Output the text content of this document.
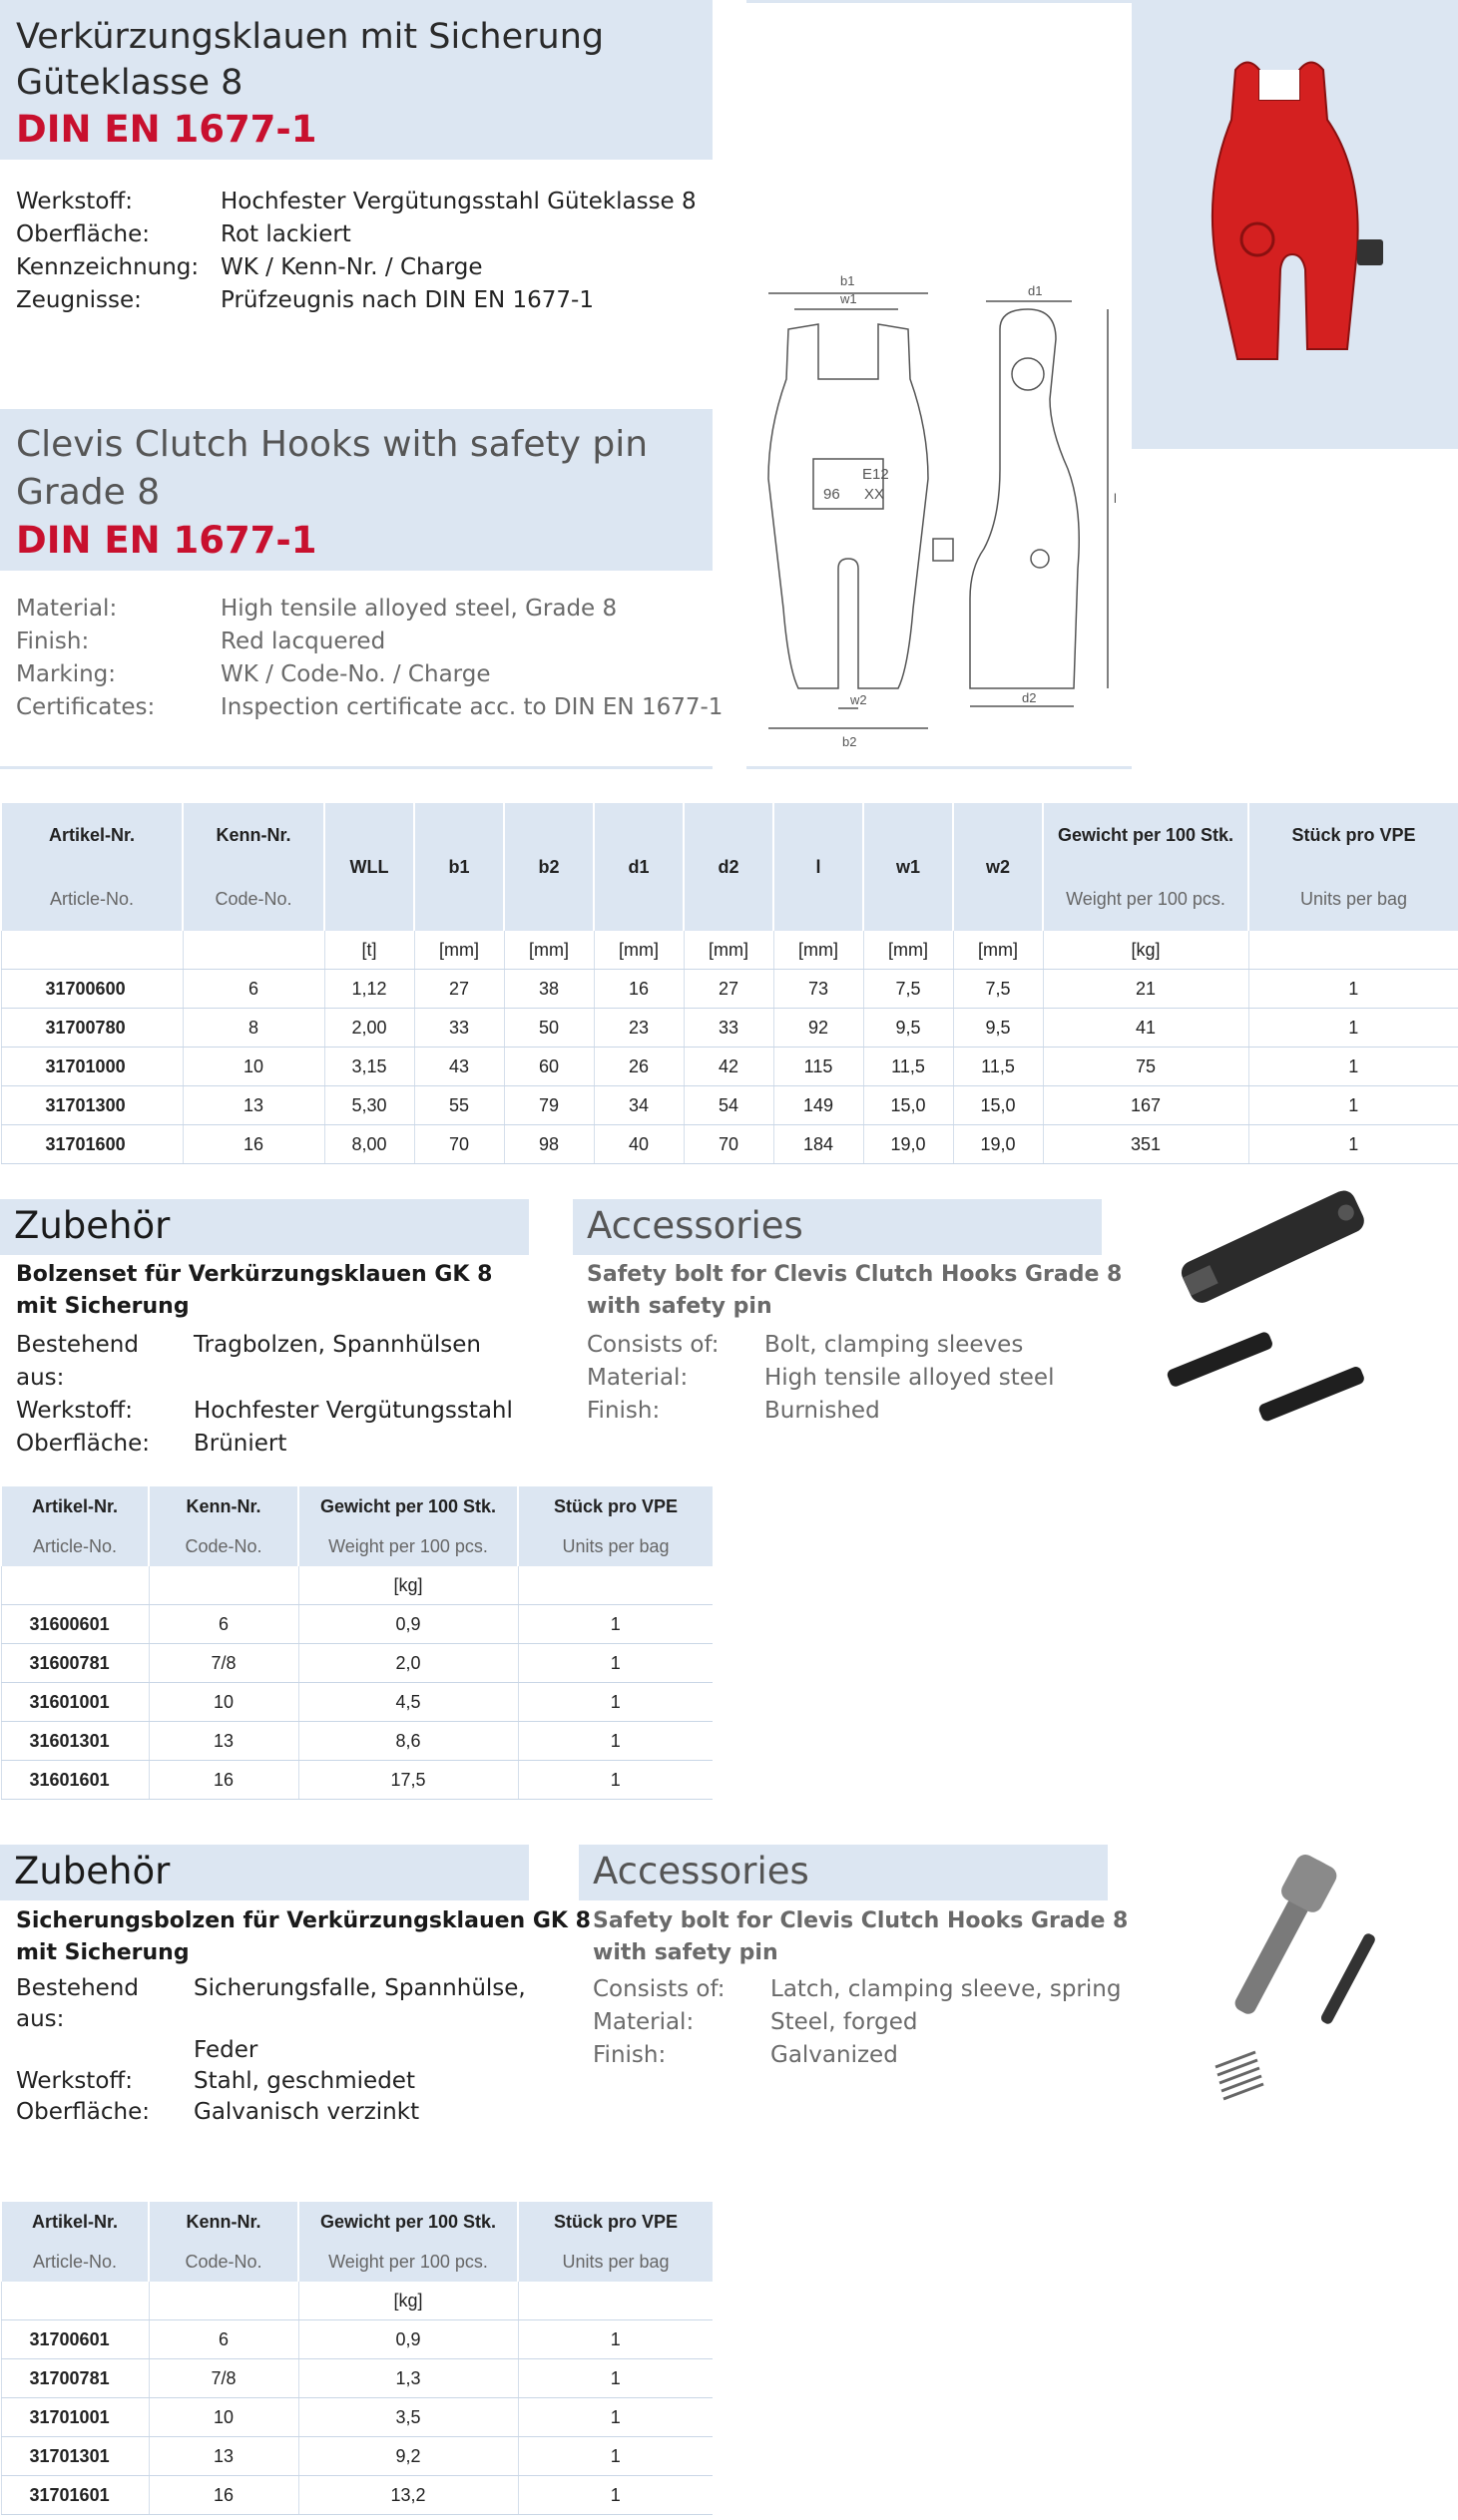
Verkürzungsklauen mit Sicherung
Güteklasse 8
DIN EN 1677-1
Werkstoff:	Hochfester Vergütungsstahl Güteklasse 8
Oberfläche:	Rot lackiert
Kennzeichnung: WK / Kenn-Nr. / Charge
Zeugnisse:	Prüfzeugnis nach DIN EN 1677-1
Clevis Clutch Hooks with safety pin
Grade 8
DIN EN 1677-1
Material:	High tensile alloyed steel, Grade 8
Finish:	Red lacquered
Marking:	WK / Code-No. / Charge
Certificates:	Inspection certificate acc. to DIN EN 1677-1
b1
w1
d1
w2
b2
d2
l
E12
96 XX
Artikel-Nr.	Kenn-Nr.	WLL	b1	b2	d1	d2	l	w1	w2	Gewicht per 100 Stk.	Stück pro VPE
Article-No.	Code-No.									Weight per 100 pcs.	Units per bag
		[t]	[mm]	[mm]	[mm]	[mm]	[mm]	[mm]	[mm]	[kg]	
31700600	6	1,12	27	38	16	27	73	7,5	7,5	21	1
31700780	8	2,00	33	50	23	33	92	9,5	9,5	41	1
31701000	10	3,15	43	60	26	42	115	11,5	11,5	75	1
31701300	13	5,30	55	79	34	54	149	15,0	15,0	167	1
31701600	16	8,00	70	98	40	70	184	19,0	19,0	351	1
Zubehör	Accessories
Bolzenset für Verkürzungsklauen GK 8
mit Sicherung
Bestehend aus:
Tragbolzen, Spannhülsen
Werkstoff:	Hochfester Vergütungsstahl
Oberfläche:	Brüniert
Safety bolt for Clevis Clutch Hooks Grade 8
with safety pin
Consists of:	Bolt, clamping sleeves
Material:	High tensile alloyed steel
Finish:	Burnished
Artikel-Nr.	Kenn-Nr.	Gewicht per 100 Stk.	Stück pro VPE
Article-No.	Code-No.	Weight per 100 pcs.	Units per bag
		[kg]	
31600601	6	0,9	1
31600781	7/8	2,0	1
31601001	10	4,5	1
31601301	13	8,6	1
31601601	16	17,5	1
Zubehör	Accessories
Sicherungsbolzen für Verkürzungsklauen GK 8
mit Sicherung
Bestehend aus:
Sicherungsfalle, Spannhülse,
Feder
Werkstoff:	Stahl, geschmiedet
Oberfläche:	Galvanisch verzinkt
Safety bolt for Clevis Clutch Hooks Grade 8
with safety pin
Consists of:	Latch, clamping sleeve, spring
Material:	Steel, forged
Finish:	Galvanized
Artikel-Nr.	Kenn-Nr.	Gewicht per 100 Stk.	Stück pro VPE
Article-No.	Code-No.	Weight per 100 pcs.	Units per bag
		[kg]	
31700601	6	0,9	1
31700781	7/8	1,3	1
31701001	10	3,5	1
31701301	13	9,2	1
31701601	16	13,2	1
